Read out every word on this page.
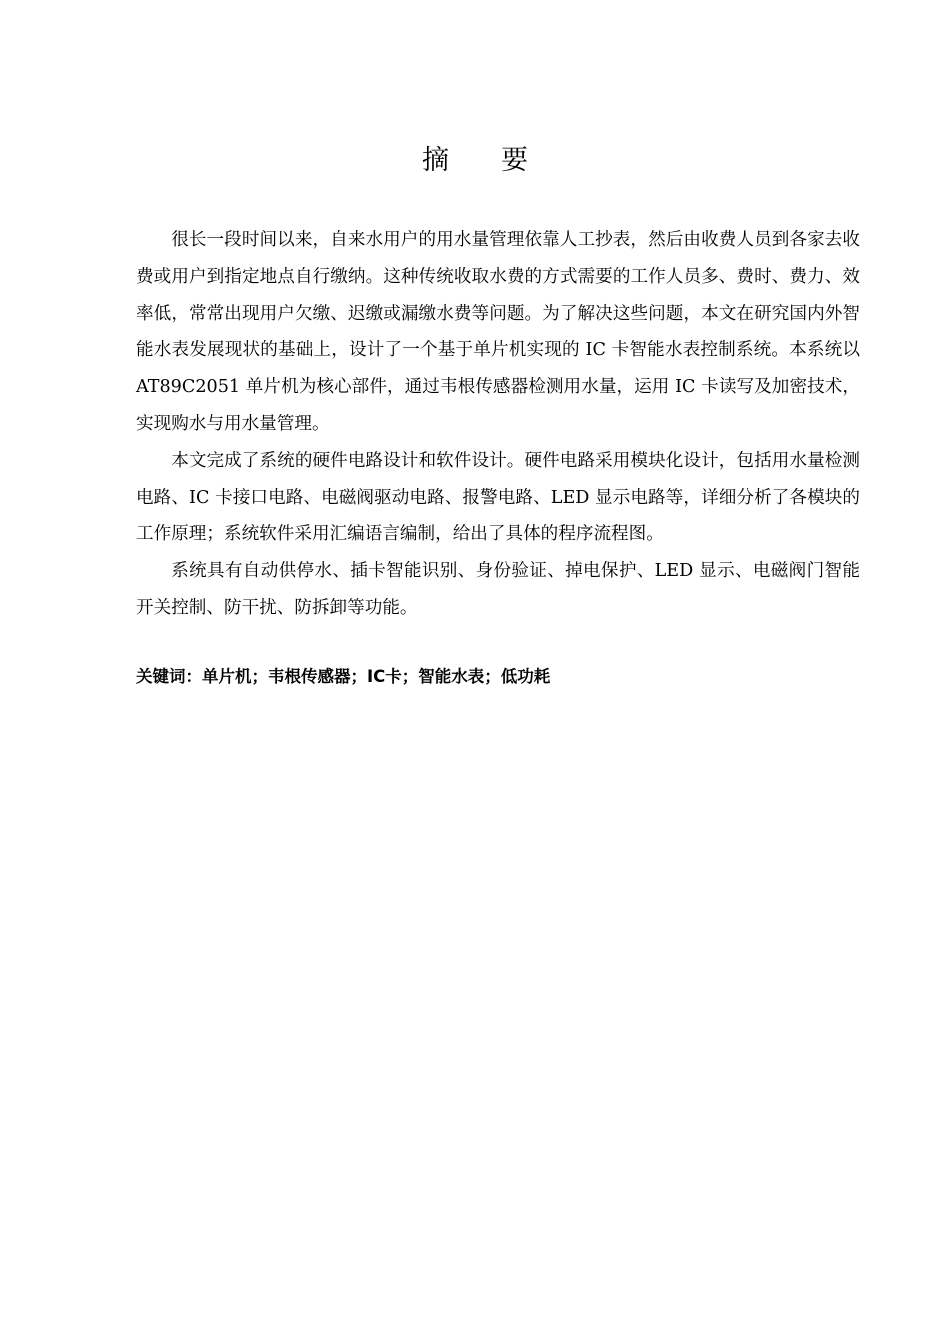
摘 要

很长一段时间以来，自来水用户的用水量管理依靠人工抄表，然后由收费人员到各家去收费或用户到指定地点自行缴纳。这种传统收取水费的方式需要的工作人员多、费时、费力、效率低，常常出现用户欠缴、迟缴或漏缴水费等问题。为了解决这些问题，本文在研究国内外智能水表发展现状的基础上，设计了一个基于单片机实现的 IC 卡智能水表控制系统。本系统以 AT89C2051 单片机为核心部件，通过韦根传感器检测用水量，运用 IC 卡读写及加密技术，实现购水与用水量管理。

本文完成了系统的硬件电路设计和软件设计。硬件电路采用模块化设计，包括用水量检测电路、IC 卡接口电路、电磁阀驱动电路、报警电路、LED 显示电路等，详细分析了各模块的工作原理；系统软件采用汇编语言编制，给出了具体的程序流程图。

系统具有自动供停水、插卡智能识别、身份验证、掉电保护、LED 显示、电磁阀门智能开关控制、防干扰、防拆卸等功能。

关键词：单片机；韦根传感器；IC卡；智能水表；低功耗
